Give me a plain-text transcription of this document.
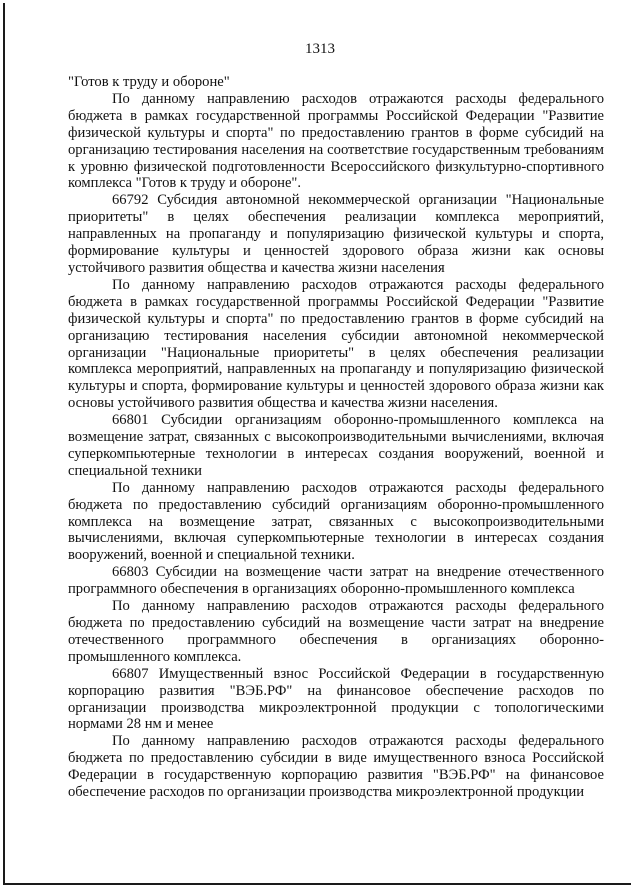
1313

"Готов к труду и обороне"

По данному направлению расходов отражаются расходы федерального бюджета в рамках государственной программы Российской Федерации "Развитие физической культуры и спорта" по предоставлению грантов в форме субсидий на организацию тестирования населения на соответствие государственным требованиям к уровню физической подготовленности Всероссийского физкультурно-спортивного комплекса "Готов к труду и обороне".

66792 Субсидия автономной некоммерческой организации "Национальные приоритеты" в целях обеспечения реализации комплекса мероприятий, направленных на пропаганду и популяризацию физической культуры и спорта, формирование культуры и ценностей здорового образа жизни как основы устойчивого развития общества и качества жизни населения

По данному направлению расходов отражаются расходы федерального бюджета в рамках государственной программы Российской Федерации "Развитие физической культуры и спорта" по предоставлению грантов в форме субсидий на организацию тестирования населения субсидии автономной некоммерческой организации "Национальные приоритеты" в целях обеспечения реализации комплекса мероприятий, направленных на пропаганду и популяризацию физической культуры и спорта, формирование культуры и ценностей здорового образа жизни как основы устойчивого развития общества и качества жизни населения.

66801 Субсидии организациям оборонно-промышленного комплекса на возмещение затрат, связанных с высокопроизводительными вычислениями, включая суперкомпьютерные технологии в интересах создания вооружений, военной и специальной техники

По данному направлению расходов отражаются расходы федерального бюджета по предоставлению субсидий организациям оборонно-промышленного комплекса на возмещение затрат, связанных с высокопроизводительными вычислениями, включая суперкомпьютерные технологии в интересах создания вооружений, военной и специальной техники.

66803 Субсидии на возмещение части затрат на внедрение отечественного программного обеспечения в организациях оборонно-промышленного комплекса

По данному направлению расходов отражаются расходы федерального бюджета по предоставлению субсидий на возмещение части затрат на внедрение отечественного программного обеспечения в организациях оборонно-промышленного комплекса.

66807 Имущественный взнос Российской Федерации в государственную корпорацию развития "ВЭБ.РФ" на финансовое обеспечение расходов по организации производства микроэлектронной продукции с топологическими нормами 28 нм и менее

По данному направлению расходов отражаются расходы федерального бюджета по предоставлению субсидии в виде имущественного взноса Российской Федерации в государственную корпорацию развития "ВЭБ.РФ" на финансовое обеспечение расходов по организации производства микроэлектронной продукции
